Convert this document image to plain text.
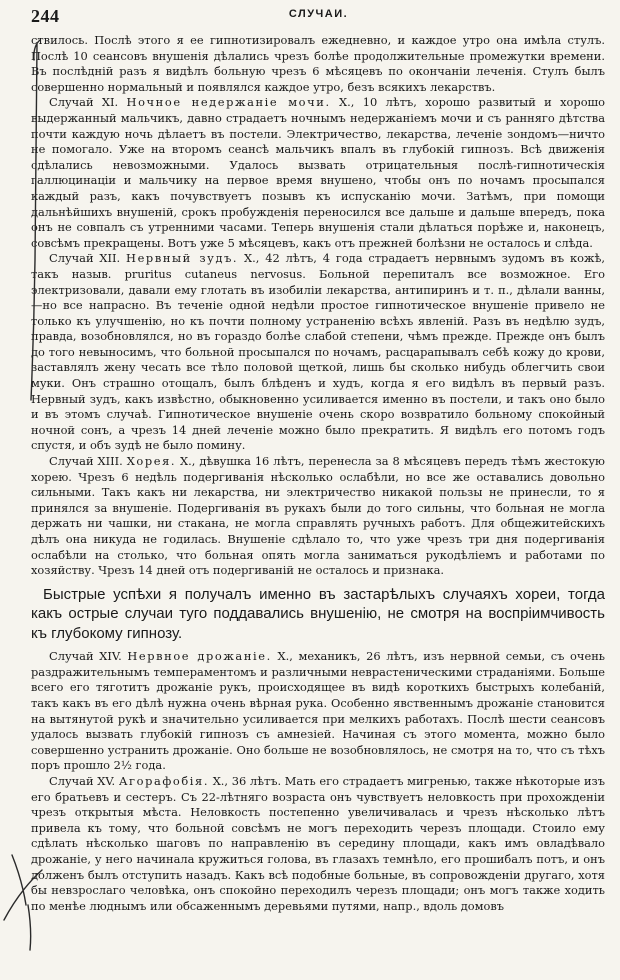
244	СЛУЧАИ.

ствилось. Послѣ этого я ее гипнотизировалъ ежедневно, и каждое утро она имѣла стулъ. Послѣ 10 сеансовъ внушенія дѣлались чрезъ болѣе продолжительные промежутки времени. Въ послѣдній разъ я видѣлъ больную чрезъ 6 мѣсяцевъ по окончаніи леченія. Стулъ былъ совершенно нормальный и появлялся каждое утро, безъ всякихъ лекарствъ.

Случай XI. Ночное недержаніе мочи. X., 10 лѣтъ, хорошо развитый и хорошо выдержанный мальчикъ, давно страдаетъ ночнымъ недержаніемъ мочи и съ ранняго дѣтства почти каждую ночь дѣлаетъ въ постели. Электричество, лекарства, леченіе зондомъ—ничто не помогало. Уже на второмъ сеансѣ мальчикъ впалъ въ глубокій гипнозъ. Всѣ движенія сдѣлались невозможными. Удалось вызвать отрицательныя послѣ-гипнотическія галлюцинаціи и мальчику на первое время внушено, чтобы онъ по ночамъ просыпался каждый разъ, какъ почувствуетъ позывъ къ испусканію мочи. Затѣмъ, при помощи дальнѣйшихъ внушеній, срокъ пробужденія переносился все дальше и дальше впередъ, пока онъ не совпалъ съ утренними часами. Теперь внушенія стали дѣлаться порѣже и, наконецъ, совсѣмъ прекращены. Вотъ уже 5 мѣсяцевъ, какъ отъ прежней болѣзни не осталось и слѣда.

Случай XII. Нервный зудъ. X., 42 лѣтъ, 4 года страдаетъ нервнымъ зудомъ въ кожѣ, такъ назыв. pruritus cutaneus nervosus. Больной перепиталъ все возможное. Его электризовали, давали ему глотать въ изобиліи лекарства, антипиринъ и т. п., дѣлали ванны,—но все напрасно. Въ теченіе одной недѣли простое гипнотическое внушеніе привело не только къ улучшенію, но къ почти полному устраненію всѣхъ явленій. Разъ въ недѣлю зудъ, правда, возобновлялся, но въ гораздо болѣе слабой степени, чѣмъ прежде. Прежде онъ былъ до того невыносимъ, что больной просыпался по ночамъ, расцарапывалъ себѣ кожу до крови, заставлялъ жену чесать все тѣло половой щеткой, лишь бы сколько нибудь облегчить свои муки. Онъ страшно отощалъ, былъ блѣденъ и худъ, когда я его видѣлъ въ первый разъ. Нервный зудъ, какъ извѣстно, обыкновенно усиливается именно въ постели, и такъ оно было и въ этомъ случаѣ. Гипнотическое внушеніе очень скоро возвратило больному спокойный ночной сонъ, а чрезъ 14 дней леченіе можно было прекратить. Я видѣлъ его потомъ годъ спустя, и объ зудѣ не было помину.

Случай XIII. Хорея. X., дѣвушка 16 лѣтъ, перенесла за 8 мѣсяцевъ передъ тѣмъ жестокую хорею. Чрезъ 6 недѣль подергиванія нѣсколько ослабѣли, но все же оставались довольно сильными. Такъ какъ ни лекарства, ни электричество никакой пользы не принесли, то я принялся за внушеніе. Подергиванія въ рукахъ были до того сильны, что больная не могла держать ни чашки, ни стакана, не могла справлять ручныхъ работъ. Для общежитейскихъ дѣлъ она никуда не годилась. Внушеніе сдѣлало то, что уже чрезъ три дня подергиванія ослабѣли на столько, что больная опять могла заниматься рукодѣліемъ и работами по хозяйству. Чрезъ 14 дней отъ подергиваній не осталось и признака.

Быстрые успѣхи я получалъ именно въ застарѣлыхъ случаяхъ хореи, тогда какъ острые случаи туго поддавались внушенію, не смотря на воспріимчивость къ глубокому гипнозу.

Случай XIV. Нервное дрожаніе. X., механикъ, 26 лѣтъ, изъ нервной семьи, съ очень раздражительнымъ темпераментомъ и различными неврастеническими страданіями. Больше всего его тяготитъ дрожаніе рукъ, происходящее въ видѣ короткихъ быстрыхъ колебаній, такъ какъ въ его дѣлѣ нужна очень вѣрная рука. Особенно явственнымъ дрожаніе становится на вытянутой рукѣ и значительно усиливается при мелкихъ работахъ. Послѣ шести сеансовъ удалось вызвать глубокій гипнозъ съ амнезіей. Начиная съ этого момента, можно было совершенно устранить дрожаніе. Оно больше не возобновлялось, не смотря на то, что съ тѣхъ поръ прошло 2½ года.

Случай XV. Агорафобія. X., 36 лѣтъ. Мать его страдаетъ мигренью, также нѣкоторые изъ его братьевъ и сестеръ. Съ 22-лѣтняго возраста онъ чувствуетъ неловкость при прохожденіи чрезъ открытыя мѣста. Неловкость постепенно увеличивалась и чрезъ нѣсколько лѣтъ привела къ тому, что больной совсѣмъ не могъ переходить черезъ площади. Стоило ему сдѣлать нѣсколько шаговъ по направленію въ середину площади, какъ имъ овладѣвало дрожаніе, у него начинала кружиться голова, въ глазахъ темнѣло, его прошибалъ потъ, и онъ долженъ былъ отступить назадъ. Какъ всѣ подобные больные, въ сопровожденіи другаго, хотя бы невзрослаго человѣка, онъ спокойно переходилъ черезъ площади; онъ могъ также ходить по менѣе люднымъ или обсаженнымъ деревьями путями, напр., вдоль домовъ
